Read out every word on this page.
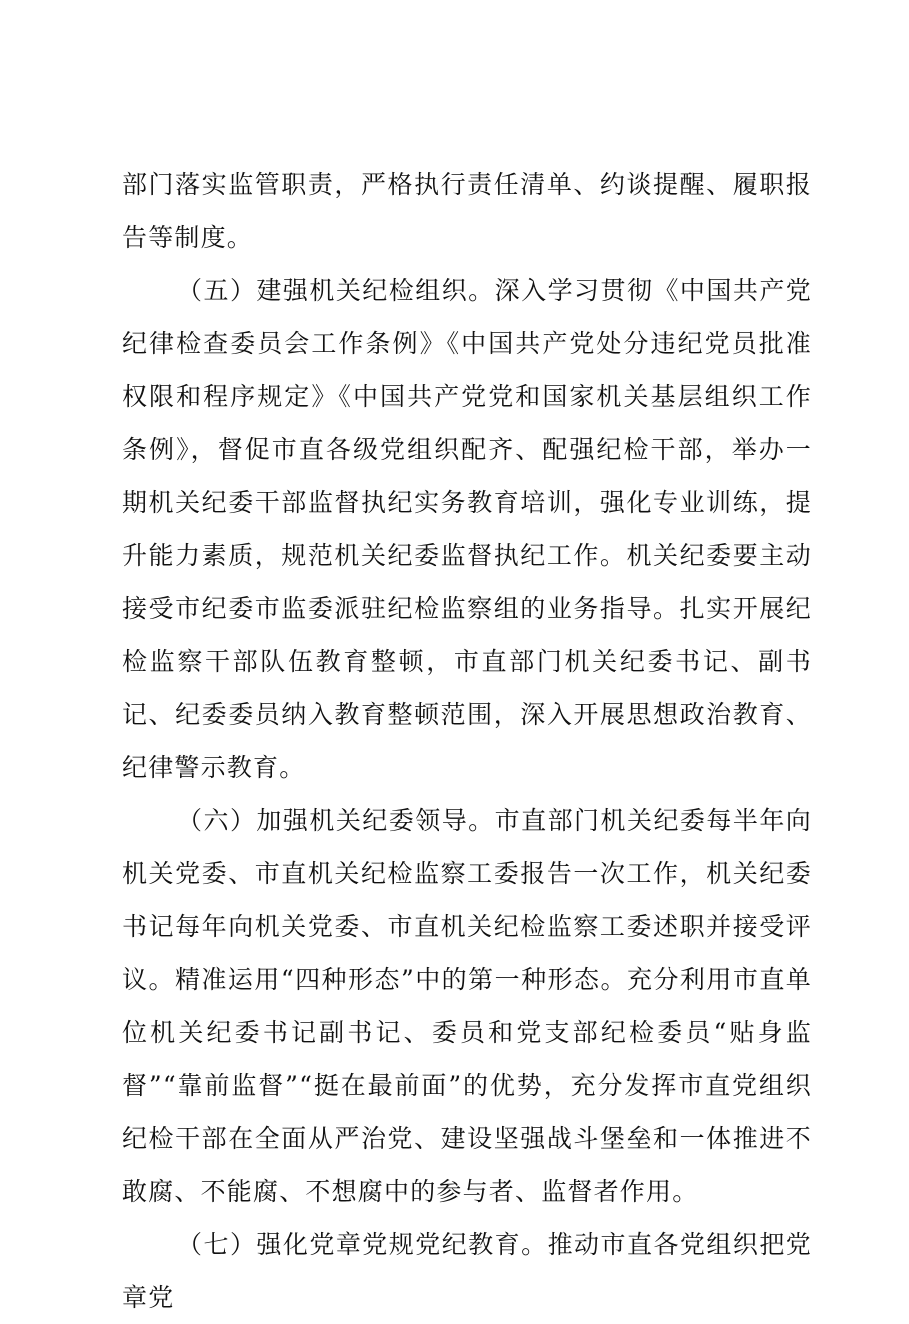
部门落实监管职责，严格执行责任清单、约谈提醒、履职报告等制度。

（五）建强机关纪检组织。深入学习贯彻《中国共产党纪律检查委员会工作条例》《中国共产党处分违纪党员批准权限和程序规定》《中国共产党党和国家机关基层组织工作条例》，督促市直各级党组织配齐、配强纪检干部，举办一期机关纪委干部监督执纪实务教育培训，强化专业训练，提升能力素质，规范机关纪委监督执纪工作。机关纪委要主动接受市纪委市监委派驻纪检监察组的业务指导。扎实开展纪检监察干部队伍教育整顿，市直部门机关纪委书记、副书记、纪委委员纳入教育整顿范围，深入开展思想政治教育、纪律警示教育。

（六）加强机关纪委领导。市直部门机关纪委每半年向机关党委、市直机关纪检监察工委报告一次工作，机关纪委书记每年向机关党委、市直机关纪检监察工委述职并接受评议。精准运用“四种形态”中的第一种形态。充分利用市直单位机关纪委书记副书记、委员和党支部纪检委员“贴身监督”“靠前监督”“挺在最前面”的优势，充分发挥市直党组织纪检干部在全面从严治党、建设坚强战斗堡垒和一体推进不敢腐、不能腐、不想腐中的参与者、监督者作用。

（七）强化党章党规党纪教育。推动市直各党组织把党章党
